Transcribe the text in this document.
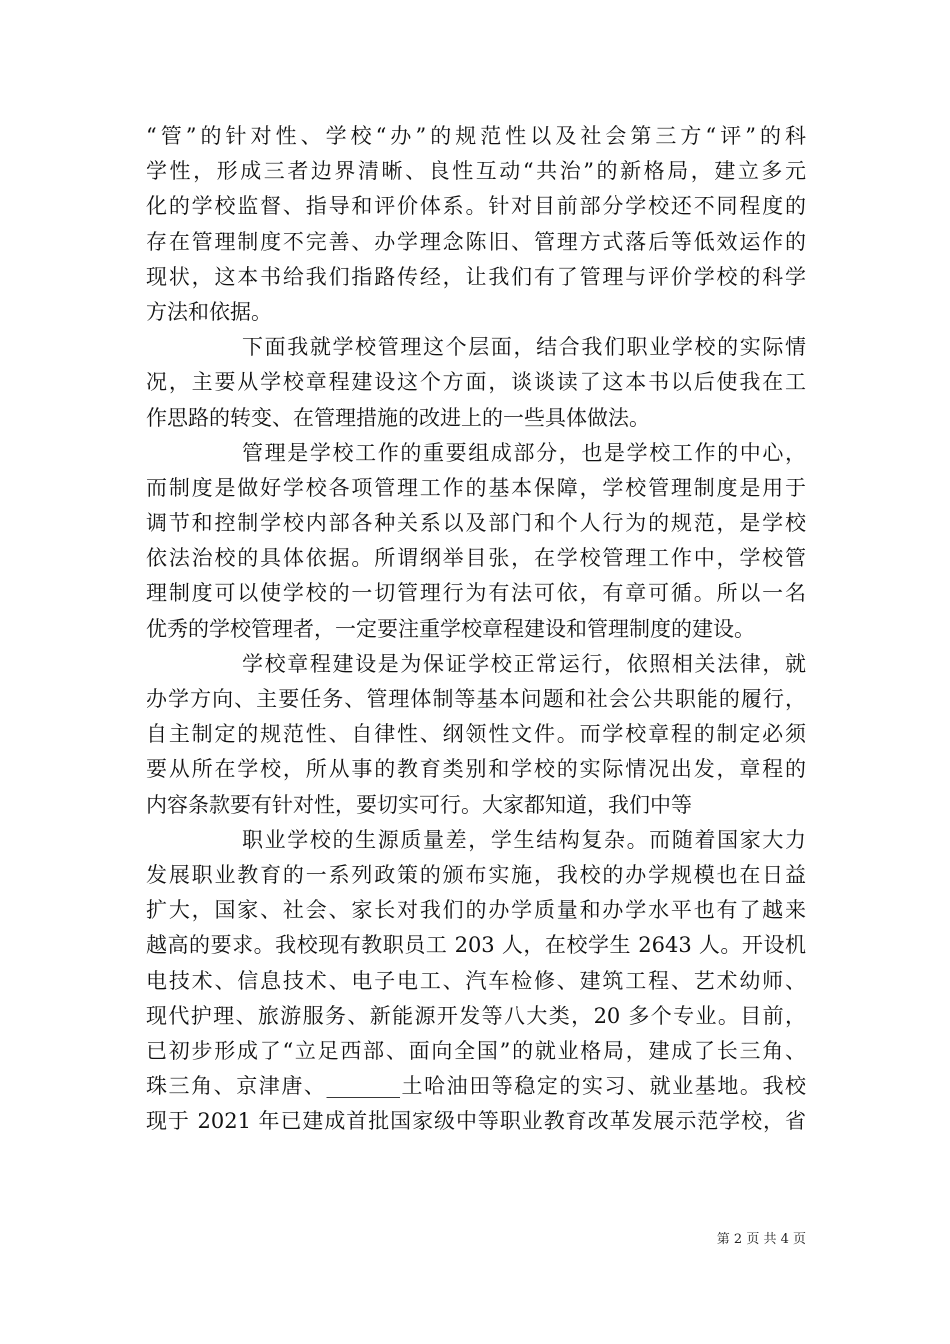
“管”的针对性、学校“办”的规范性以及社会第三方“评”的科
学性，形成三者边界清晰、良性互动“共治”的新格局，建立多元
化的学校监督、指导和评价体系。针对目前部分学校还不同程度的
存在管理制度不完善、办学理念陈旧、管理方式落后等低效运作的
现状，这本书给我们指路传经，让我们有了管理与评价学校的科学
方法和依据。
下面我就学校管理这个层面，结合我们职业学校的实际情
况，主要从学校章程建设这个方面，谈谈读了这本书以后使我在工
作思路的转变、在管理措施的改进上的一些具体做法。
管理是学校工作的重要组成部分，也是学校工作的中心，
而制度是做好学校各项管理工作的基本保障，学校管理制度是用于
调节和控制学校内部各种关系以及部门和个人行为的规范，是学校
依法治校的具体依据。所谓纲举目张，在学校管理工作中，学校管
理制度可以使学校的一切管理行为有法可依，有章可循。所以一名
优秀的学校管理者，一定要注重学校章程建设和管理制度的建设。
学校章程建设是为保证学校正常运行，依照相关法律，就
办学方向、主要任务、管理体制等基本问题和社会公共职能的履行，
自主制定的规范性、自律性、纲领性文件。而学校章程的制定必须
要从所在学校，所从事的教育类别和学校的实际情况出发，章程的
内容条款要有针对性，要切实可行。大家都知道，我们中等
职业学校的生源质量差，学生结构复杂。而随着国家大力
发展职业教育的一系列政策的颁布实施，我校的办学规模也在日益
扩大，国家、社会、家长对我们的办学质量和办学水平也有了越来
越高的要求。我校现有教职员工 203 人，在校学生 2643 人。开设机
电技术、信息技术、电子电工、汽车检修、建筑工程、艺术幼师、
现代护理、旅游服务、新能源开发等八大类，20 多个专业。目前，
已初步形成了“立足西部、面向全国”的就业格局，建成了长三角、
珠三角、京津唐、_______土哈油田等稳定的实习、就业基地。我校
现于 2021 年已建成首批国家级中等职业教育改革发展示范学校，省
第 2 页 共 4 页
